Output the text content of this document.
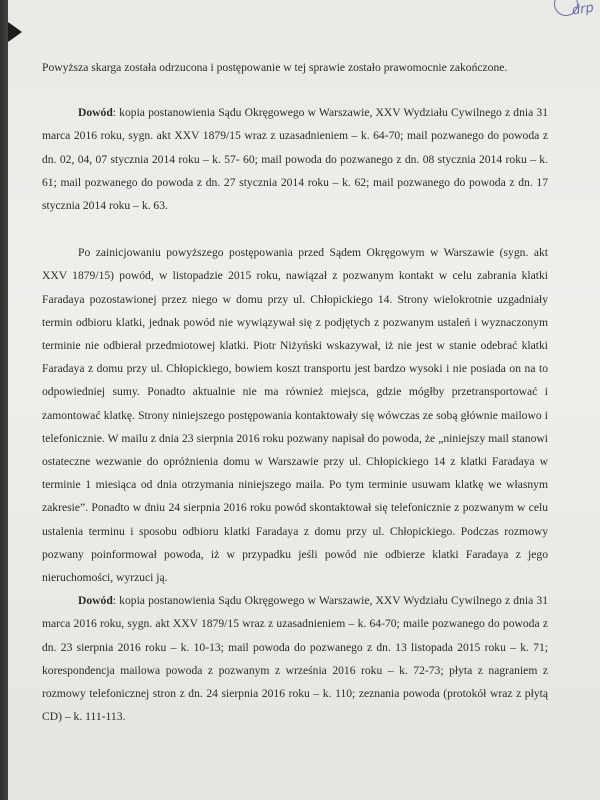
drp

Powyższa skarga została odrzucona i postępowanie w tej sprawie zostało prawomocnie zakończone.

Dowód: kopia postanowienia Sądu Okręgowego w Warszawie, XXV Wydziału Cywilnego z dnia 31 marca 2016 roku, sygn. akt XXV 1879/15 wraz z uzasadnieniem – k. 64-70; mail pozwanego do powoda z dn. 02, 04, 07 stycznia 2014 roku – k. 57- 60; mail powoda do pozwanego z dn. 08 stycznia 2014 roku – k. 61; mail pozwanego do powoda z dn. 27 stycznia 2014 roku – k. 62; mail pozwanego do powoda z dn. 17 stycznia 2014 roku – k. 63.

Po zainicjowaniu powyższego postępowania przed Sądem Okręgowym w Warszawie (sygn. akt XXV 1879/15) powód, w listopadzie 2015 roku, nawiązał z pozwanym kontakt w celu zabrania klatki Faradaya pozostawionej przez niego w domu przy ul. Chłopickiego 14. Strony wielokrotnie uzgadniały termin odbioru klatki, jednak powód nie wywiązywał się z podjętych z pozwanym ustaleń i wyznaczonym terminie nie odbierał przedmiotowej klatki. Piotr Niżyński wskazywał, iż nie jest w stanie odebrać klatki Faradaya z domu przy ul. Chłopickiego, bowiem koszt transportu jest bardzo wysoki i nie posiada on na to odpowiedniej sumy. Ponadto aktualnie nie ma również miejsca, gdzie mógłby przetransportować i zamontować klatkę. Strony niniejszego postępowania kontaktowały się wówczas ze sobą głównie mailowo i telefonicznie. W mailu z dnia 23 sierpnia 2016 roku pozwany napisał do powoda, że „niniejszy mail stanowi ostateczne wezwanie do opróżnienia domu w Warszawie przy ul. Chłopickiego 14 z klatki Faradaya w terminie 1 miesiąca od dnia otrzymania niniejszego maila. Po tym terminie usuwam klatkę we własnym zakresie”. Ponadto w dniu 24 sierpnia 2016 roku powód skontaktował się telefonicznie z pozwanym w celu ustalenia terminu i sposobu odbioru klatki Faradaya z domu przy ul. Chłopickiego. Podczas rozmowy pozwany poinformował powoda, iż w przypadku jeśli powód nie odbierze klatki Faradaya z jego nieruchomości, wyrzuci ją.

Dowód: kopia postanowienia Sądu Okręgowego w Warszawie, XXV Wydziału Cywilnego z dnia 31 marca 2016 roku, sygn. akt XXV 1879/15 wraz z uzasadnieniem – k. 64-70; maile pozwanego do powoda z dn. 23 sierpnia 2016 roku – k. 10-13; mail powoda do pozwanego z dn. 13 listopada 2015 roku – k. 71; korespondencja mailowa powoda z pozwanym z września 2016 roku – k. 72-73; płyta z nagraniem z rozmowy telefonicznej stron z dn. 24 sierpnia 2016 roku – k. 110; zeznania powoda (protokół wraz z płytą CD) – k. 111-113.
